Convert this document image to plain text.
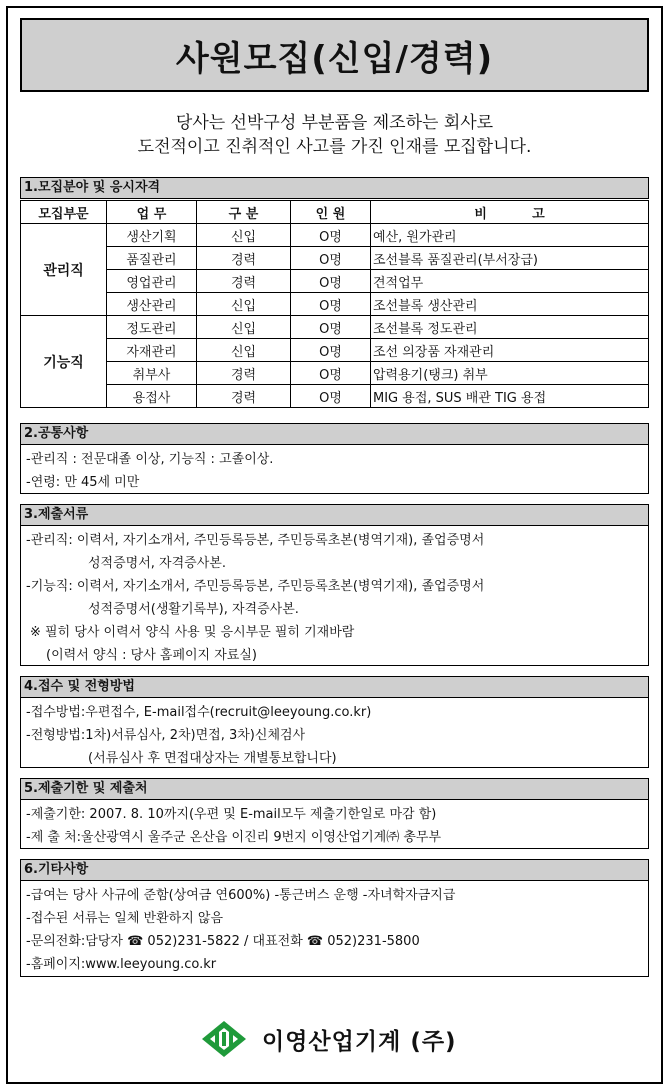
사원모집(신입/경력)
당사는 선박구성 부분품을 제조하는 회사로
도전적이고 진취적인 사고를 가진 인재를 모집합니다.
1.모집분야 및 응시자격
모집부문	업 무	구 분	인 원	비          고
관리직	생산기획	신입	O명	예산, 원가관리
	품질관리	경력	O명	조선블록 품질관리(부서장급)
	영업관리	경력	O명	견적업무
	생산관리	신입	O명	조선블록 생산관리
기능직	정도관리	신입	O명	조선블록 정도관리
	자재관리	신입	O명	조선 의장품 자재관리
	취부사	경력	O명	압력용기(탱크) 취부
	용접사	경력	O명	MIG 용접, SUS 배관 TIG 용접
2.공통사항
-관리직 : 전문대졸 이상, 기능직 : 고졸이상.
-연령: 만 45세 미만
3.제출서류
-관리직: 이력서, 자기소개서, 주민등록등본, 주민등록초본(병역기재), 졸업증명서
성적증명서, 자격증사본.
-기능직: 이력서, 자기소개서, 주민등록등본, 주민등록초본(병역기재), 졸업증명서
성적증명서(생활기록부), 자격증사본.
※ 필히 당사 이력서 양식 사용 및 응시부문 필히 기재바람
(이력서 양식 : 당사 홈페이지 자료실)
4.접수 및 전형방법
-접수방법:우편접수, E-mail접수(recruit@leeyoung.co.kr)
-전형방법:1차)서류심사, 2차)면접, 3차)신체검사
(서류심사 후 면접대상자는 개별통보합니다)
5.제출기한 및 제출처
-제출기한: 2007. 8. 10까지(우편 및 E-mail모두 제출기한일로 마감 함)
-제 출 처:울산광역시 울주군 온산읍 이진리 9번지 이영산업기계㈜ 총무부
6.기타사항
-급여는 당사 사규에 준함(상여금 연600%) -통근버스 운행 -자녀학자금지급
-접수된 서류는 일체 반환하지 않음
-문의전화:담당자 ☎ 052)231-5822 / 대표전화 ☎ 052)231-5800
-홈페이지:www.leeyoung.co.kr
이영산업기계 (주)
